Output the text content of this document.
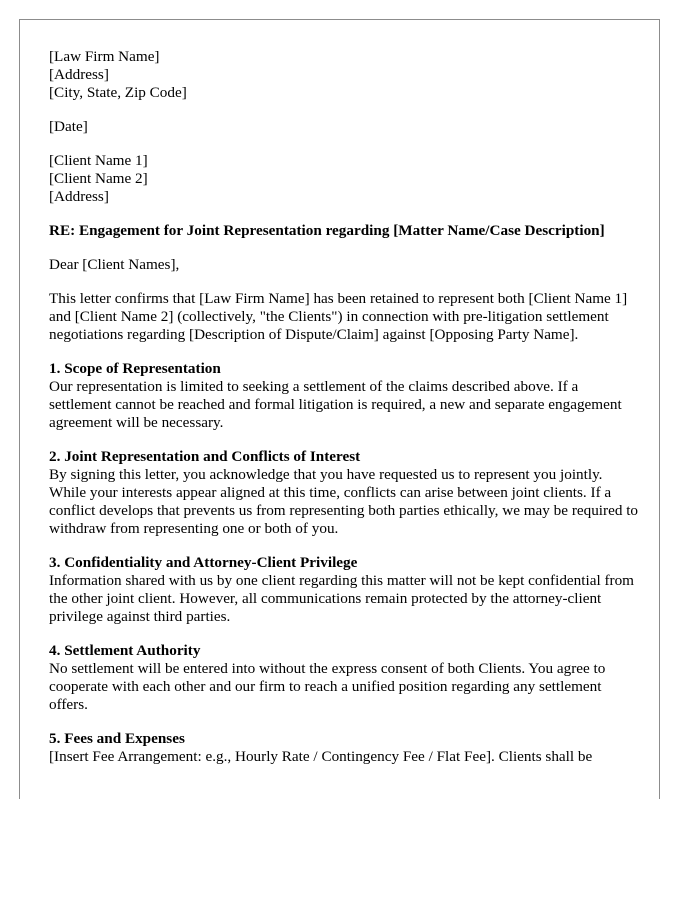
[Law Firm Name]
[Address]
[City, State, Zip Code]
[Date]
[Client Name 1]
[Client Name 2]
[Address]
RE: Engagement for Joint Representation regarding [Matter Name/Case Description]
Dear [Client Names],
This letter confirms that [Law Firm Name] has been retained to represent both [Client Name 1] and [Client Name 2] (collectively, "the Clients") in connection with pre-litigation settlement negotiations regarding [Description of Dispute/Claim] against [Opposing Party Name].
1. Scope of Representation
Our representation is limited to seeking a settlement of the claims described above. If a settlement cannot be reached and formal litigation is required, a new and separate engagement agreement will be necessary.
2. Joint Representation and Conflicts of Interest
By signing this letter, you acknowledge that you have requested us to represent you jointly. While your interests appear aligned at this time, conflicts can arise between joint clients. If a conflict develops that prevents us from representing both parties ethically, we may be required to withdraw from representing one or both of you.
3. Confidentiality and Attorney-Client Privilege
Information shared with us by one client regarding this matter will not be kept confidential from the other joint client. However, all communications remain protected by the attorney-client privilege against third parties.
4. Settlement Authority
No settlement will be entered into without the express consent of both Clients. You agree to cooperate with each other and our firm to reach a unified position regarding any settlement offers.
5. Fees and Expenses
[Insert Fee Arrangement: e.g., Hourly Rate / Contingency Fee / Flat Fee]. Clients shall be
